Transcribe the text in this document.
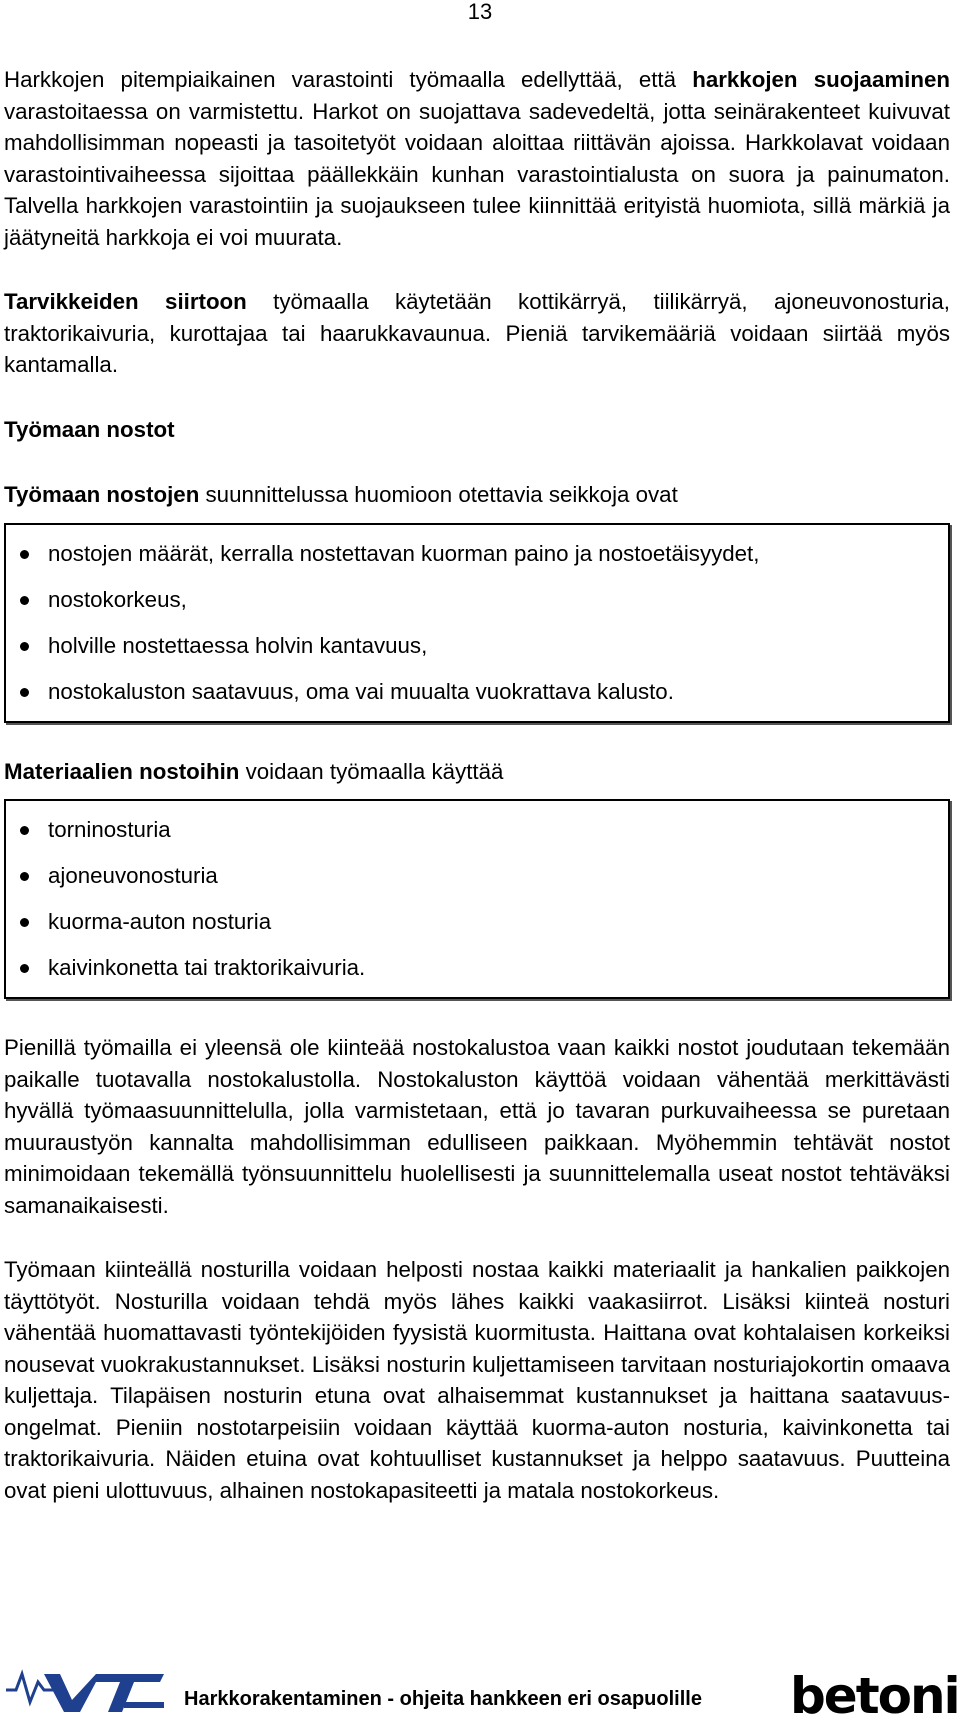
13

Harkkojen pitempiaikainen varastointi työmaalla edellyttää, että harkkojen suojaaminen varastoitaessa on varmistettu. Harkot on suojattava sadevedeltä, jotta seinärakenteet kuivuvat mahdollisimman nopeasti ja tasoitetyöt voidaan aloittaa riittävän ajoissa. Harkkolavat voidaan varastointivaiheessa sijoittaa päällekkäin kunhan varastointialusta on suora ja painumaton. Talvella harkkojen varastointiin ja suojaukseen tulee kiinnittää erityistä huomiota, sillä märkiä ja jäätyneitä harkkoja ei voi muurata.

Tarvikkeiden siirtoon työmaalla käytetään kottikärryä, tiilikärryä, ajoneuvonosturia, traktorikaivuria, kurottajaa tai haarukkavaunua. Pieniä tarvikemääriä voidaan siirtää myös kantamalla.

Työmaan nostot

Työmaan nostojen suunnittelussa huomioon otettavia seikkoja ovat

nostojen määrät, kerralla nostettavan kuorman paino ja nostoetäisyydet,
nostokorkeus,
holville nostettaessa holvin kantavuus,
nostokaluston saatavuus, oma vai muualta vuokrattava kalusto.

Materiaalien nostoihin voidaan työmaalla käyttää

torninosturia
ajoneuvonosturia
kuorma-auton nosturia
kaivinkonetta tai traktorikaivuria.

Pienillä työmailla ei yleensä ole kiinteää nostokalustoa vaan kaikki nostot joudutaan tekemään paikalle tuotavalla nostokalustolla. Nostokaluston käyttöä voidaan vähentää merkittävästi hyvällä työmaasuunnittelulla, jolla varmistetaan, että jo tavaran purkuvaiheessa se puretaan muuraustyön kannalta mahdollisimman edulliseen paikkaan. Myöhemmin tehtävät nostot minimoidaan tekemällä työnsuunnittelu huolellisesti ja suunnittelemalla useat nostot tehtäväksi samanaikaisesti.

Työmaan kiinteällä nosturilla voidaan helposti nostaa kaikki materiaalit ja hankalien paikkojen täyttötyöt. Nosturilla voidaan tehdä myös lähes kaikki vaakasiirrot. Lisäksi kiinteä nosturi vähentää huomattavasti työntekijöiden fyysistä kuormitusta. Haittana ovat kohtalaisen korkeiksi nousevat vuokrakustannukset. Lisäksi nosturin kuljettamiseen tarvitaan nosturiajokortin omaava kuljettaja. Tilapäisen nosturin etuna ovat alhaisemmat kustannukset ja haittana saatavuusongelmat. Pieniin nostotarpeisiin voidaan käyttää kuorma-auton nosturia, kaivinkonetta tai traktorikaivuria. Näiden etuina ovat kohtuulliset kustannukset ja helppo saatavuus. Puutteina ovat pieni ulottuvuus, alhainen nostokapasiteetti ja matala nostokorkeus.

Harkkorakentaminen - ohjeita hankkeen eri osapuolille betoni
